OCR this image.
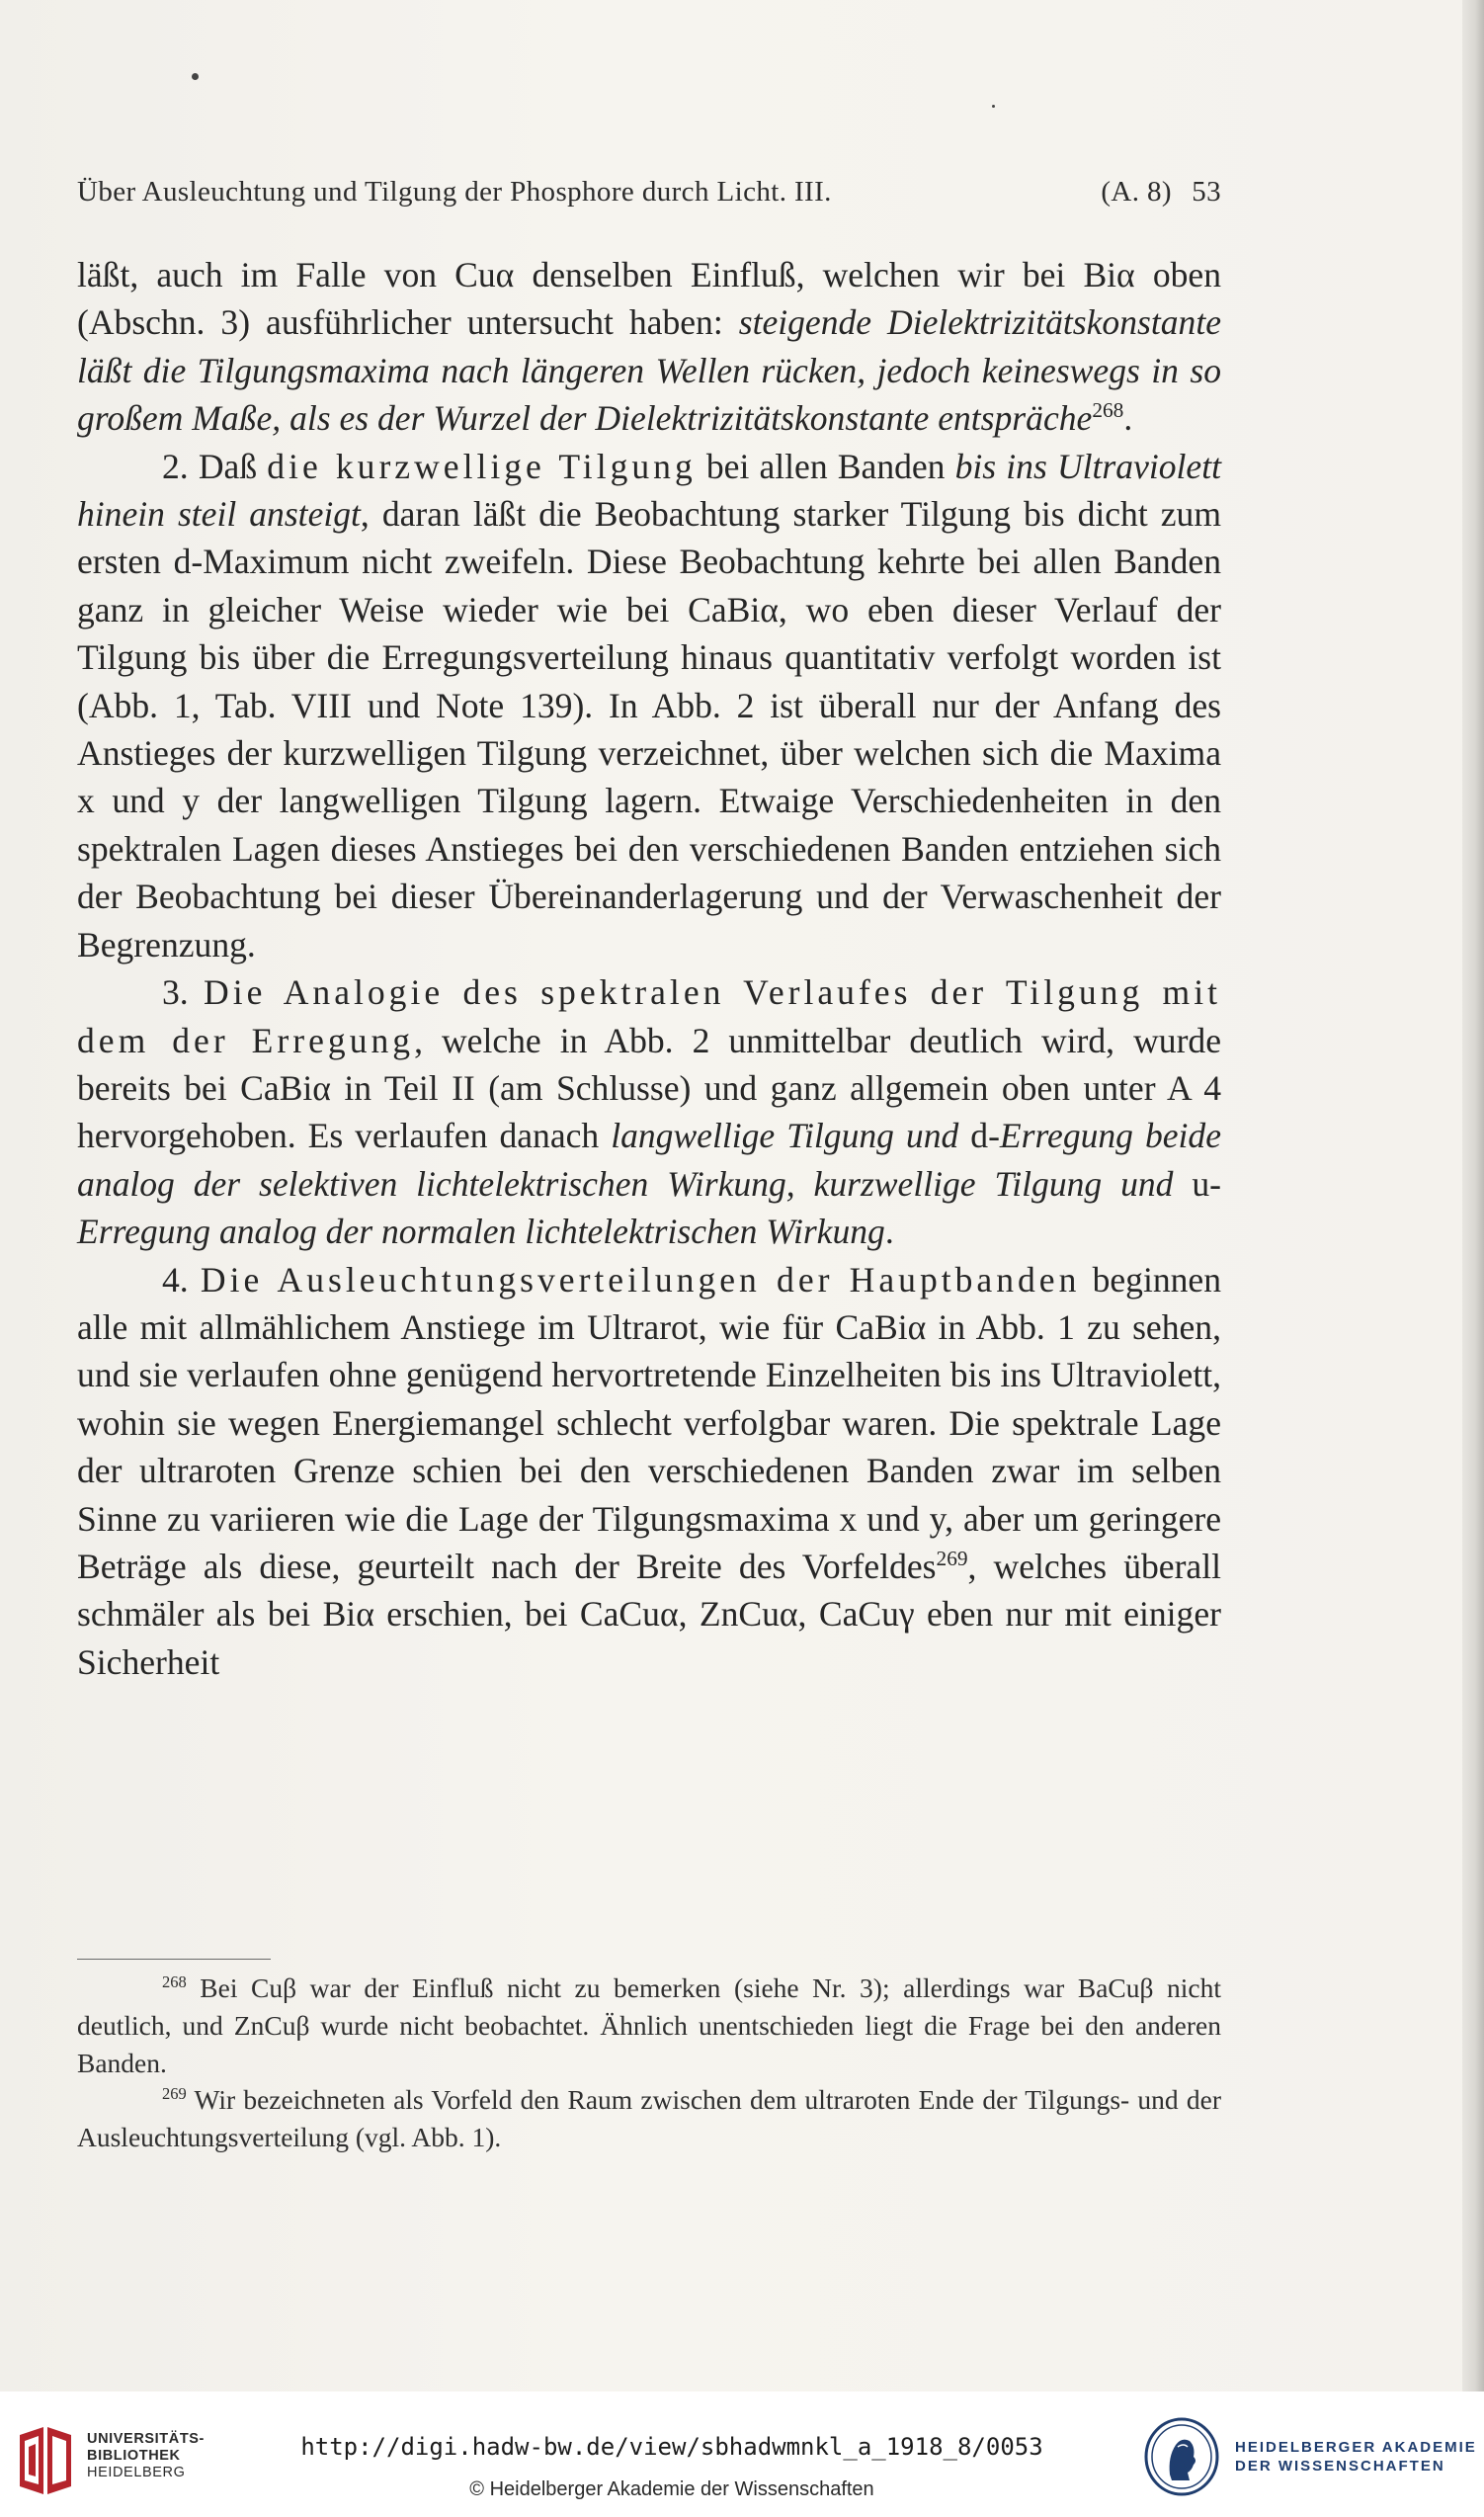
Über Ausleuchtung und Tilgung der Phosphore durch Licht. III.	(A. 8) 53

läßt, auch im Falle von Cuα denselben Einfluß, welchen wir bei Biα oben (Abschn. 3) ausführlicher untersucht haben: steigende Dielektrizitätskonstante läßt die Tilgungsmaxima nach längeren Wellen rücken, jedoch keineswegs in so großem Maße, als es der Wurzel der Dielektrizitätskonstante entspräche$^{268}$.

2. Daß die kurzwellige Tilgung bei allen Banden bis ins Ultraviolett hinein steil ansteigt, daran läßt die Beobachtung starker Tilgung bis dicht zum ersten d-Maximum nicht zweifeln. Diese Beobachtung kehrte bei allen Banden ganz in gleicher Weise wieder wie bei CaBiα, wo eben dieser Verlauf der Tilgung bis über die Erregungsverteilung hinaus quantitativ verfolgt worden ist (Abb. 1, Tab. VIII und Note 139). In Abb. 2 ist überall nur der Anfang des Anstieges der kurzwelligen Tilgung verzeichnet, über welchen sich die Maxima x und y der langwelligen Tilgung lagern. Etwaige Verschiedenheiten in den spektralen Lagen dieses Anstieges bei den verschiedenen Banden entziehen sich der Beobachtung bei dieser Übereinanderlagerung und der Verwaschenheit der Begrenzung.

3. Die Analogie des spektralen Verlaufes der Tilgung mit dem der Erregung, welche in Abb. 2 unmittelbar deutlich wird, wurde bereits bei CaBiα in Teil II (am Schlusse) und ganz allgemein oben unter A 4 hervorgehoben. Es verlaufen danach langwellige Tilgung und d-Erregung beide analog der selektiven lichtelektrischen Wirkung, kurzwellige Tilgung und u-Erregung analog der normalen lichtelektrischen Wirkung.

4. Die Ausleuchtungsverteilungen der Hauptbanden beginnen alle mit allmählichem Anstiege im Ultrarot, wie für CaBiα in Abb. 1 zu sehen, und sie verlaufen ohne genügend hervortretende Einzelheiten bis ins Ultraviolett, wohin sie wegen Energiemangel schlecht verfolgbar waren. Die spektrale Lage der ultraroten Grenze schien bei den verschiedenen Banden zwar im selben Sinne zu variieren wie die Lage der Tilgungsmaxima x und y, aber um geringere Beträge als diese, geurteilt nach der Breite des Vorfeldes$^{269}$, welches überall schmäler als bei Biα erschien, bei CaCuα, ZnCuα, CaCuγ eben nur mit einiger Sicherheit

$^{268}$ Bei Cuβ war der Einfluß nicht zu bemerken (siehe Nr. 3); allerdings war BaCuβ nicht deutlich, und ZnCuβ wurde nicht beobachtet. Ähnlich unentschieden liegt die Frage bei den anderen Banden.

$^{269}$ Wir bezeichneten als Vorfeld den Raum zwischen dem ultraroten Ende der Tilgungs- und der Ausleuchtungsverteilung (vgl. Abb. 1).

UNIVERSITÄTS-
BIBLIOTHEK
HEIDELBERG
http://digi.hadw-bw.de/view/sbhadwmnkl_a_1918_8/0053
© Heidelberger Akademie der Wissenschaften
HEIDELBERGER AKADEMIE
DER WISSENSCHAFTEN
